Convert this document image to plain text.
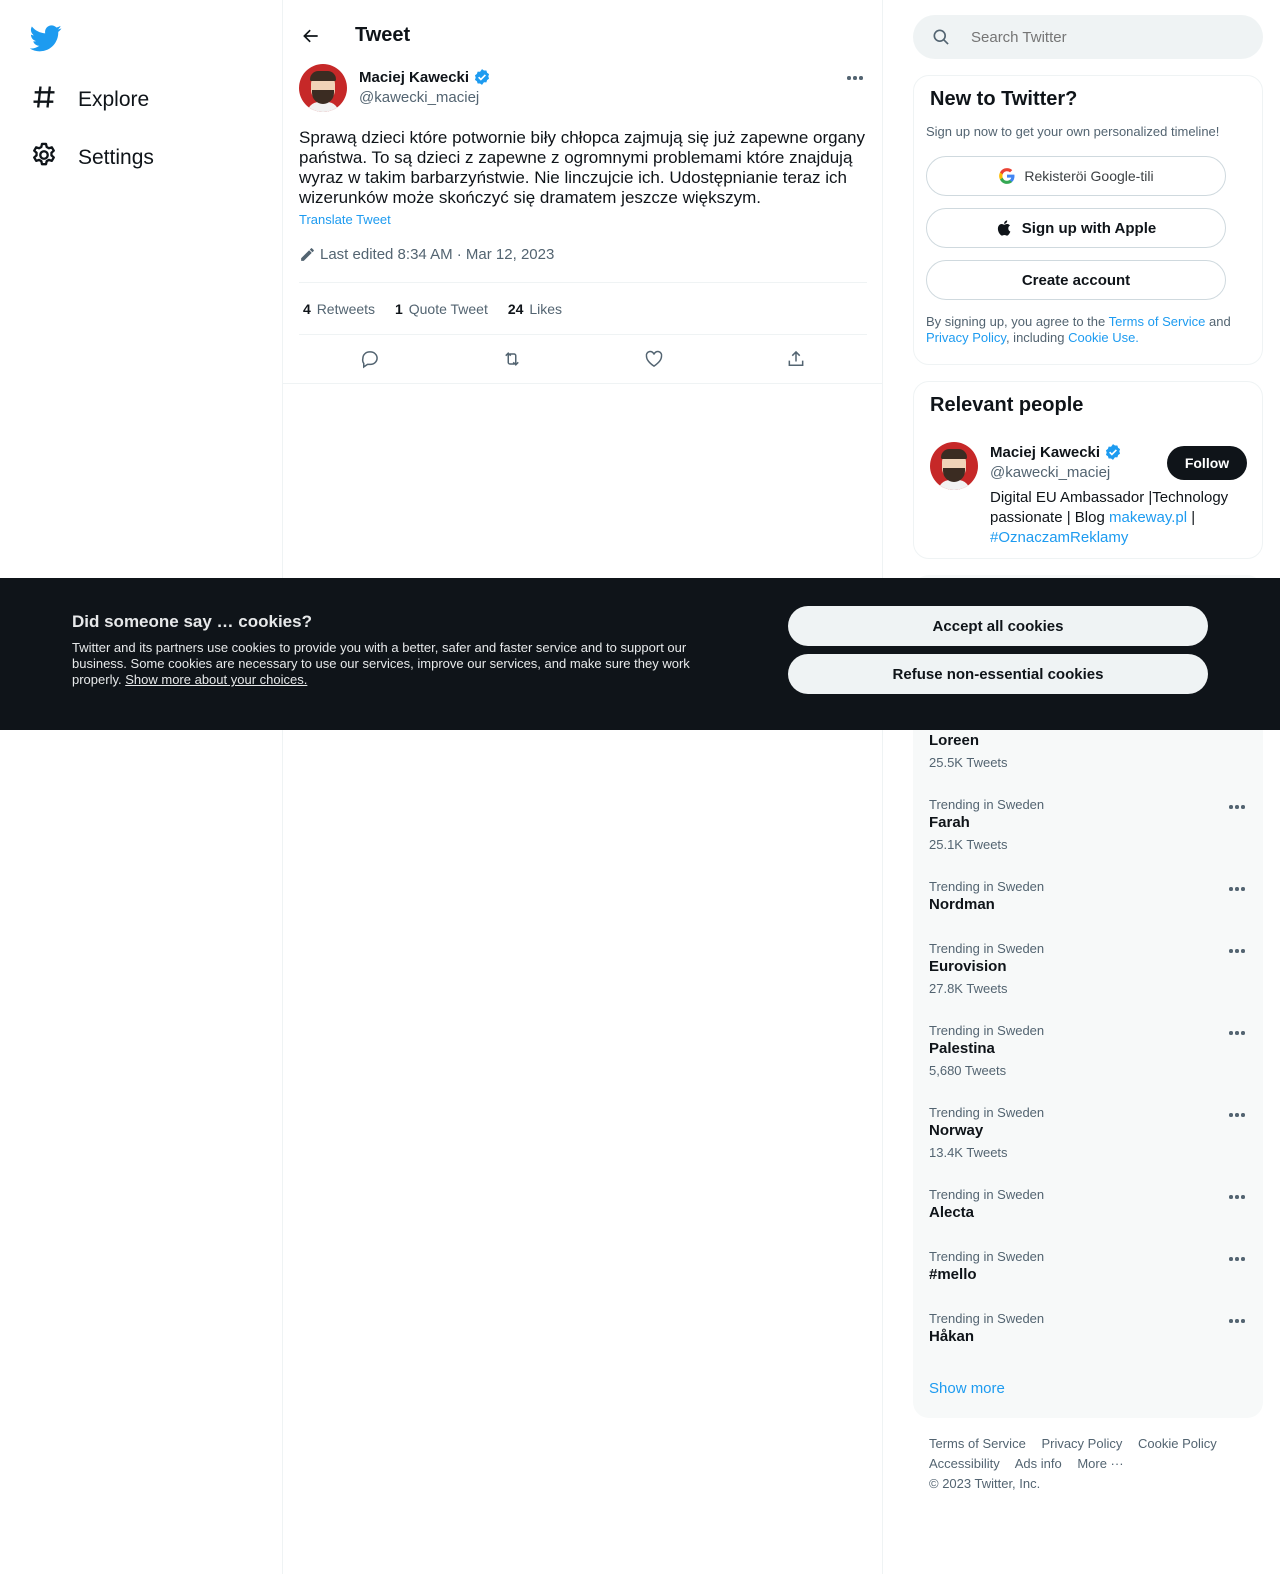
Explore
Settings
Tweet
Maciej Kawecki
@kawecki_maciej
Sprawą dzieci które potwornie biły chłopca zajmują się już zapewne organy państwa. To są dzieci z zapewne z ogromnymi problemami które znajdują wyraz w takim barbarzyństwie. Nie linczujcie ich. Udostępnianie teraz ich wizerunków może skończyć się dramatem jeszcze większym.
Translate Tweet
Last edited 8:34 AM · Mar 12, 2023
4 Retweets 1 Quote Tweet 24 Likes
Search Twitter
New to Twitter?
Sign up now to get your own personalized timeline!
Rekisteröi Google-tili
Sign up with Apple
Create account
By signing up, you agree to the Terms of Service and Privacy Policy, including Cookie Use.
Relevant people
Maciej Kawecki
@kawecki_maciej
Follow
Digital EU Ambassador |Technology passionate | Blog makeway.pl | #OznaczamReklamy
Loreen
25.5K Tweets
Trending in Sweden
Farah
25.1K Tweets
Trending in Sweden
Nordman
Trending in Sweden
Eurovision
27.8K Tweets
Trending in Sweden
Palestina
5,680 Tweets
Trending in Sweden
Norway
13.4K Tweets
Trending in Sweden
Alecta
Trending in Sweden
#mello
Trending in Sweden
Håkan
Show more
Terms of Service Privacy Policy Cookie Policy
Accessibility Ads info More ···
© 2023 Twitter, Inc.
Did someone say … cookies?
Twitter and its partners use cookies to provide you with a better, safer and faster service and to support our business. Some cookies are necessary to use our services, improve our services, and make sure they work properly. Show more about your choices.
Accept all cookies
Refuse non-essential cookies
